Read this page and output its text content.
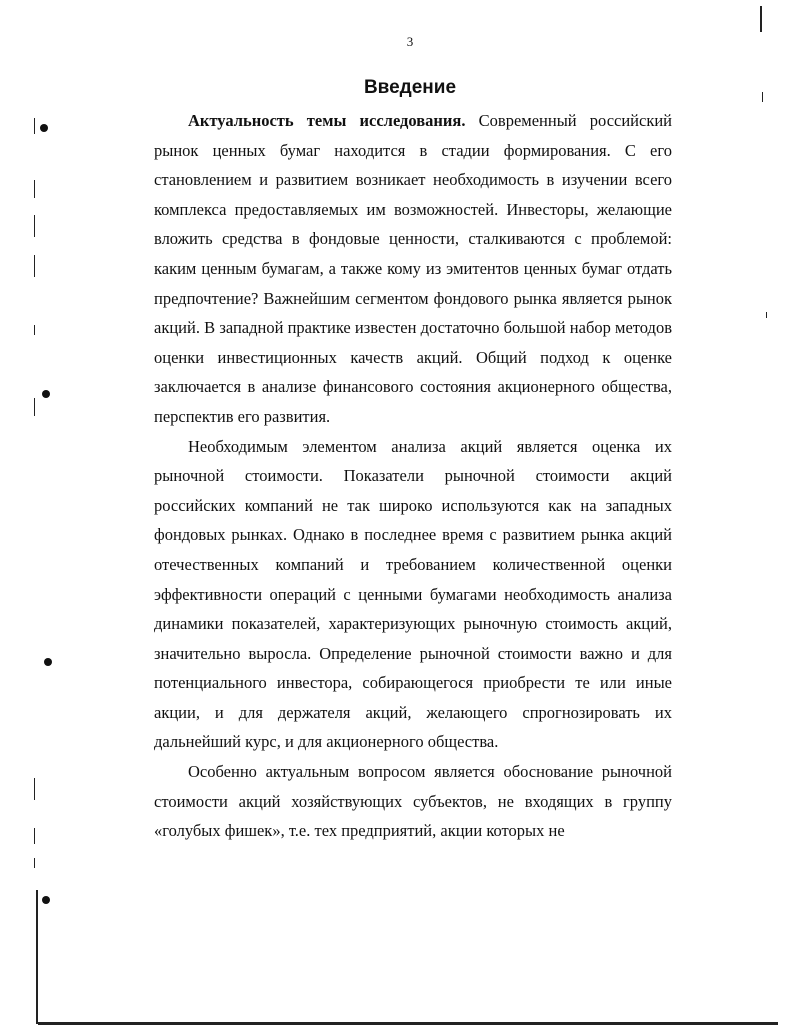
3
Введение

Актуальность темы исследования. Современный российский рынок ценных бумаг находится в стадии формирования. С его становлением и развитием возникает необходимость в изучении всего комплекса предоставляемых им возможностей. Инвесторы, желающие вложить средства в фондовые ценности, сталкиваются с проблемой: каким ценным бумагам, а также кому из эмитентов ценных бумаг отдать предпочтение? Важнейшим сегментом фондового рынка является рынок акций. В западной практике известен достаточно большой набор методов оценки инвестиционных качеств акций. Общий подход к оценке заключается в анализе финансового состояния акционерного общества, перспектив его развития.

Необходимым элементом анализа акций является оценка их рыночной стоимости. Показатели рыночной стоимости акций российских компаний не так широко используются как на западных фондовых рынках. Однако в последнее время с развитием рынка акций отечественных компаний и требованием количественной оценки эффективности операций с ценными бумагами необходимость анализа динамики показателей, характеризующих рыночную стоимость акций, значительно выросла. Определение рыночной стоимости важно и для потенциального инвестора, собирающегося приобрести те или иные акции, и для держателя акций, желающего спрогнозировать их дальнейший курс, и для акционерного общества.

Особенно актуальным вопросом является обоснование рыночной стоимости акций хозяйствующих субъектов, не входящих в группу «голубых фишек», т.е. тех предприятий, акции которых не
